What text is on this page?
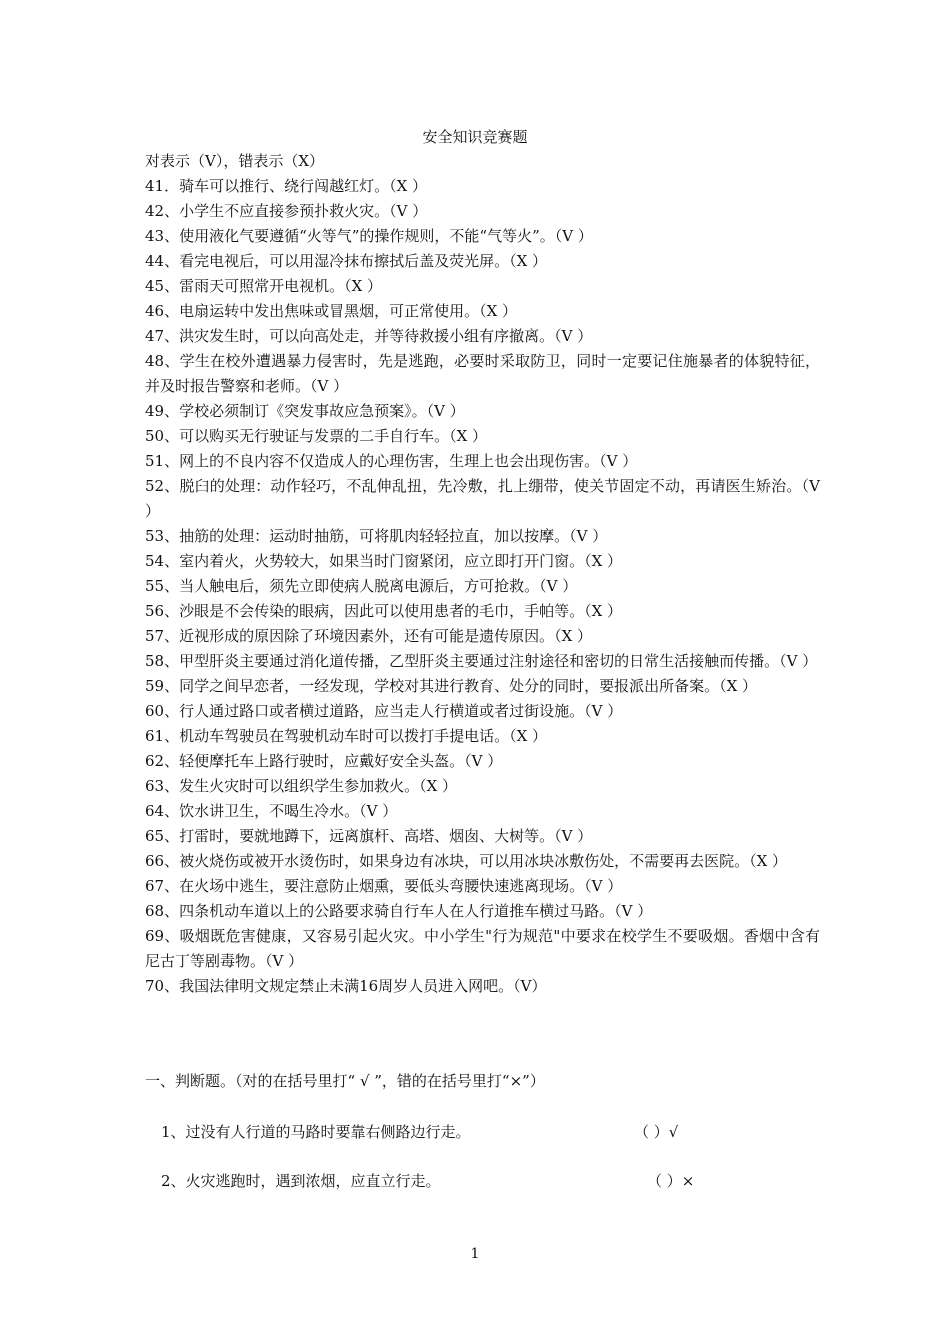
安全知识竞赛题
对表示（V），错表示（X）
41．骑车可以推行、绕行闯越红灯。（X ）
42、小学生不应直接参预扑救火灾。（V ）
43、使用液化气要遵循“火等气”的操作规则，不能“气等火”。（V ）
44、看完电视后，可以用湿冷抹布擦拭后盖及荧光屏。（X ）
45、雷雨天可照常开电视机。（X ）
46、电扇运转中发出焦味或冒黑烟，可正常使用。（X ）
47、洪灾发生时，可以向高处走，并等待救援小组有序撤离。（V ）
48、学生在校外遭遇暴力侵害时，先是逃跑，必要时采取防卫，同时一定要记住施暴者的体貌特征，并及时报告警察和老师。（V ）
49、学校必须制订《突发事故应急预案》。（V ）
50、可以购买无行驶证与发票的二手自行车。（X ）
51、网上的不良内容不仅造成人的心理伤害，生理上也会出现伤害。（V ）
52、脱臼的处理：动作轻巧，不乱伸乱扭，先冷敷，扎上绷带，使关节固定不动，再请医生矫治。（V ）
53、抽筋的处理：运动时抽筋，可将肌肉轻轻拉直，加以按摩。（V ）
54、室内着火，火势较大，如果当时门窗紧闭，应立即打开门窗。（X ）
55、当人触电后，须先立即使病人脱离电源后，方可抢救。（V ）
56、沙眼是不会传染的眼病，因此可以使用患者的毛巾，手帕等。（X ）
57、近视形成的原因除了环境因素外，还有可能是遗传原因。（X ）
58、甲型肝炎主要通过消化道传播，乙型肝炎主要通过注射途径和密切的日常生活接触而传播。（V ）
59、同学之间早恋者，一经发现，学校对其进行教育、处分的同时，要报派出所备案。（X ）
60、行人通过路口或者横过道路，应当走人行横道或者过街设施。（V ）
61、机动车驾驶员在驾驶机动车时可以拨打手提电话。（X ）
62、轻便摩托车上路行驶时，应戴好安全头盔。（V ）
63、发生火灾时可以组织学生参加救火。（X ）
64、饮水讲卫生，不喝生冷水。（V ）
65、打雷时，要就地蹲下，远离旗杆、高塔、烟囱、大树等。（V ）
66、被火烧伤或被开水烫伤时，如果身边有冰块，可以用冰块冰敷伤处，不需要再去医院。（X ）
67、在火场中逃生，要注意防止烟熏，要低头弯腰快速逃离现场。（V ）
68、四条机动车道以上的公路要求骑自行车人在人行道推车横过马路。（V ）
69、吸烟既危害健康，又容易引起火灾。中小学生"行为规范"中要求在校学生不要吸烟。香烟中含有尼古丁等剧毒物。（V ）
70、我国法律明文规定禁止未满16周岁人员进入网吧。（V）
一、判断题。（对的在括号里打“ √ ”，错的在括号里打“×”）
1、过没有人行道的马路时要靠右侧路边行走。	（ ）√
2、火灾逃跑时，遇到浓烟，应直立行走。	（ ）×
1
